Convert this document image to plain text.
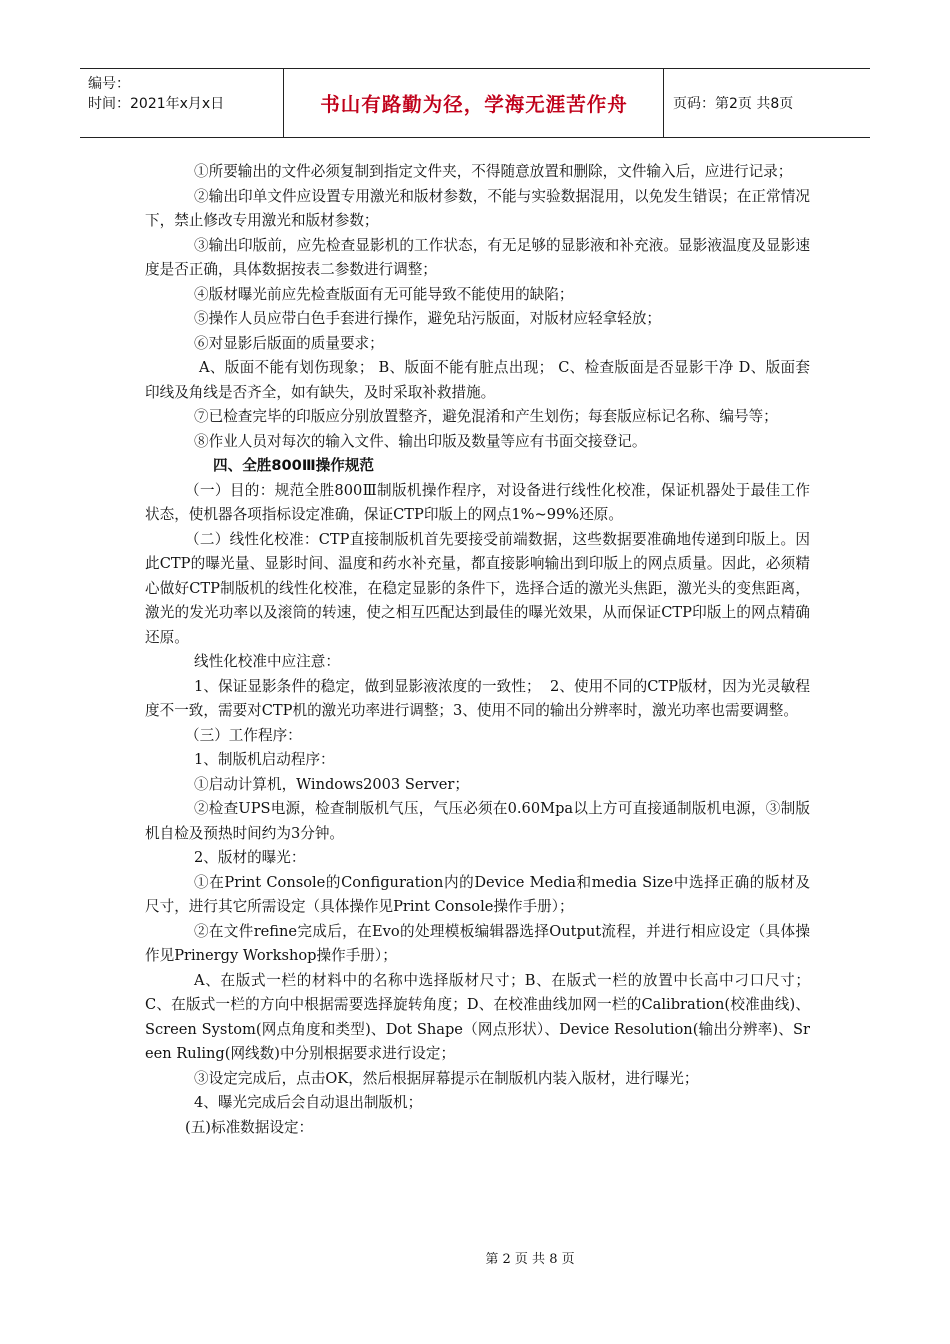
编号：
时间：2021年x月x日	书山有路勤为径，学海无涯苦作舟	页码：第2页 共8页

①所要输出的文件必须复制到指定文件夹，不得随意放置和删除，文件输入后，应进行记录；

②输出印单文件应设置专用激光和版材参数，不能与实验数据混用，以免发生错误；在正常情况下，禁止修改专用激光和版材参数；

③输出印版前，应先检查显影机的工作状态，有无足够的显影液和补充液。显影液温度及显影速度是否正确，具体数据按表二参数进行调整；

④版材曝光前应先检查版面有无可能导致不能使用的缺陷；

⑤操作人员应带白色手套进行操作，避免玷污版面，对版材应轻拿轻放；

⑥对显影后版面的质量要求；

A、版面不能有划伤现象； B、版面不能有脏点出现； C、检查版面是否显影干净 D、版面套印线及角线是否齐全，如有缺失，及时采取补救措施。

⑦已检查完毕的印版应分别放置整齐，避免混淆和产生划伤；每套版应标记名称、编号等；

⑧作业人员对每次的输入文件、输出印版及数量等应有书面交接登记。

四、全胜800Ⅲ操作规范

（一）目的：规范全胜800Ⅲ制版机操作程序，对设备进行线性化校准，保证机器处于最佳工作状态，使机器各项指标设定准确，保证CTP印版上的网点1%~99%还原。

（二）线性化校准：CTP直接制版机首先要接受前端数据，这些数据要准确地传递到印版上。因此CTP的曝光量、显影时间、温度和药水补充量，都直接影响输出到印版上的网点质量。因此，必须精心做好CTP制版机的线性化校准，在稳定显影的条件下，选择合适的激光头焦距，激光头的变焦距离，激光的发光功率以及滚筒的转速，使之相互匹配达到最佳的曝光效果，从而保证CTP印版上的网点精确还原。

线性化校准中应注意：

1、保证显影条件的稳定，做到显影液浓度的一致性；  2、使用不同的CTP版材，因为光灵敏程度不一致，需要对CTP机的激光功率进行调整；3、使用不同的输出分辨率时，激光功率也需要调整。

（三）工作程序：

1、制版机启动程序：

①启动计算机，Windows2003 Server；

②检查UPS电源，检查制版机气压，气压必须在0.60Mpa以上方可直接通制版机电源，③制版机自检及预热时间约为3分钟。

2、版材的曝光：

①在Print Console的Configuration内的Device Media和media Size中选择正确的版材及尺寸，进行其它所需设定（具体操作见Print Console操作手册）；

②在文件refine完成后，在Evo的处理模板编辑器选择Output流程，并进行相应设定（具体操作见Prinergy Workshop操作手册）；

A、在版式一栏的材料中的名称中选择版材尺寸；B、在版式一栏的放置中长高中刁口尺寸；C、在版式一栏的方向中根据需要选择旋转角度；D、在校准曲线加网一栏的Calibration(校准曲线)、Screen Systom(网点角度和类型)、Dot Shape（网点形状）、Device Resolution(输出分辨率)、Sreen Ruling(网线数)中分别根据要求进行设定；

③设定完成后，点击OK，然后根据屏幕提示在制版机内装入版材，进行曝光；

4、曝光完成后会自动退出制版机；

(五)标准数据设定：

第 2 页 共 8 页
